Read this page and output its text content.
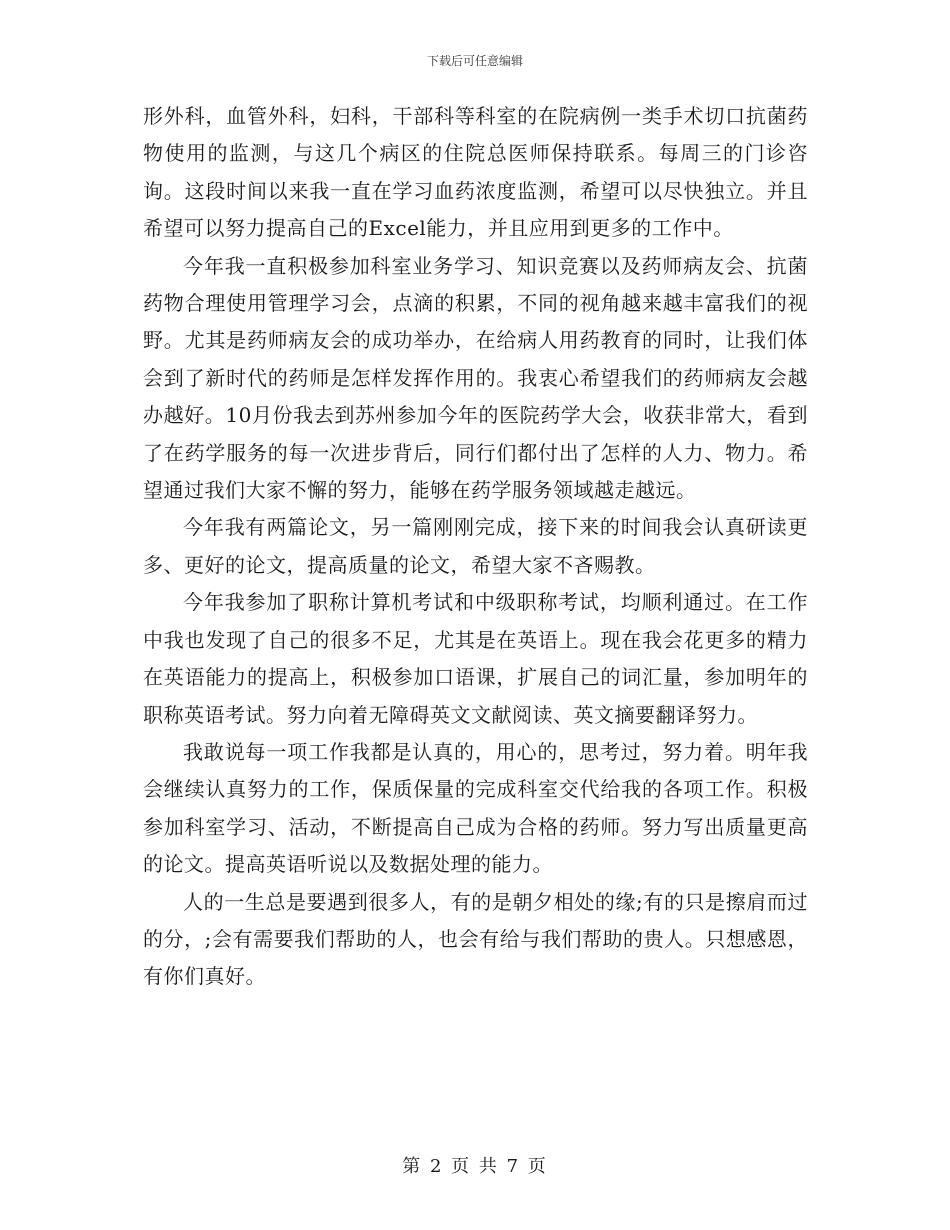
下载后可任意编辑

形外科，血管外科，妇科，干部科等科室的在院病例一类手术切口抗菌药物使用的监测，与这几个病区的住院总医师保持联系。每周三的门诊咨询。这段时间以来我一直在学习血药浓度监测，希望可以尽快独立。并且希望可以努力提高自己的Excel能力，并且应用到更多的工作中。

今年我一直积极参加科室业务学习、知识竞赛以及药师病友会、抗菌药物合理使用管理学习会，点滴的积累，不同的视角越来越丰富我们的视野。尤其是药师病友会的成功举办，在给病人用药教育的同时，让我们体会到了新时代的药师是怎样发挥作用的。我衷心希望我们的药师病友会越办越好。10月份我去到苏州参加今年的医院药学大会，收获非常大，看到了在药学服务的每一次进步背后，同行们都付出了怎样的人力、物力。希望通过我们大家不懈的努力，能够在药学服务领域越走越远。

今年我有两篇论文，另一篇刚刚完成，接下来的时间我会认真研读更多、更好的论文，提高质量的论文，希望大家不吝赐教。

今年我参加了职称计算机考试和中级职称考试，均顺利通过。在工作中我也发现了自己的很多不足，尤其是在英语上。现在我会花更多的精力在英语能力的提高上，积极参加口语课，扩展自己的词汇量，参加明年的职称英语考试。努力向着无障碍英文文献阅读、英文摘要翻译努力。

我敢说每一项工作我都是认真的，用心的，思考过，努力着。明年我会继续认真努力的工作，保质保量的完成科室交代给我的各项工作。积极参加科室学习、活动，不断提高自己成为合格的药师。努力写出质量更高的论文。提高英语听说以及数据处理的能力。

人的一生总是要遇到很多人，有的是朝夕相处的缘;有的只是擦肩而过的分，;会有需要我们帮助的人，也会有给与我们帮助的贵人。只想感恩，有你们真好。

第 2 页 共 7 页
